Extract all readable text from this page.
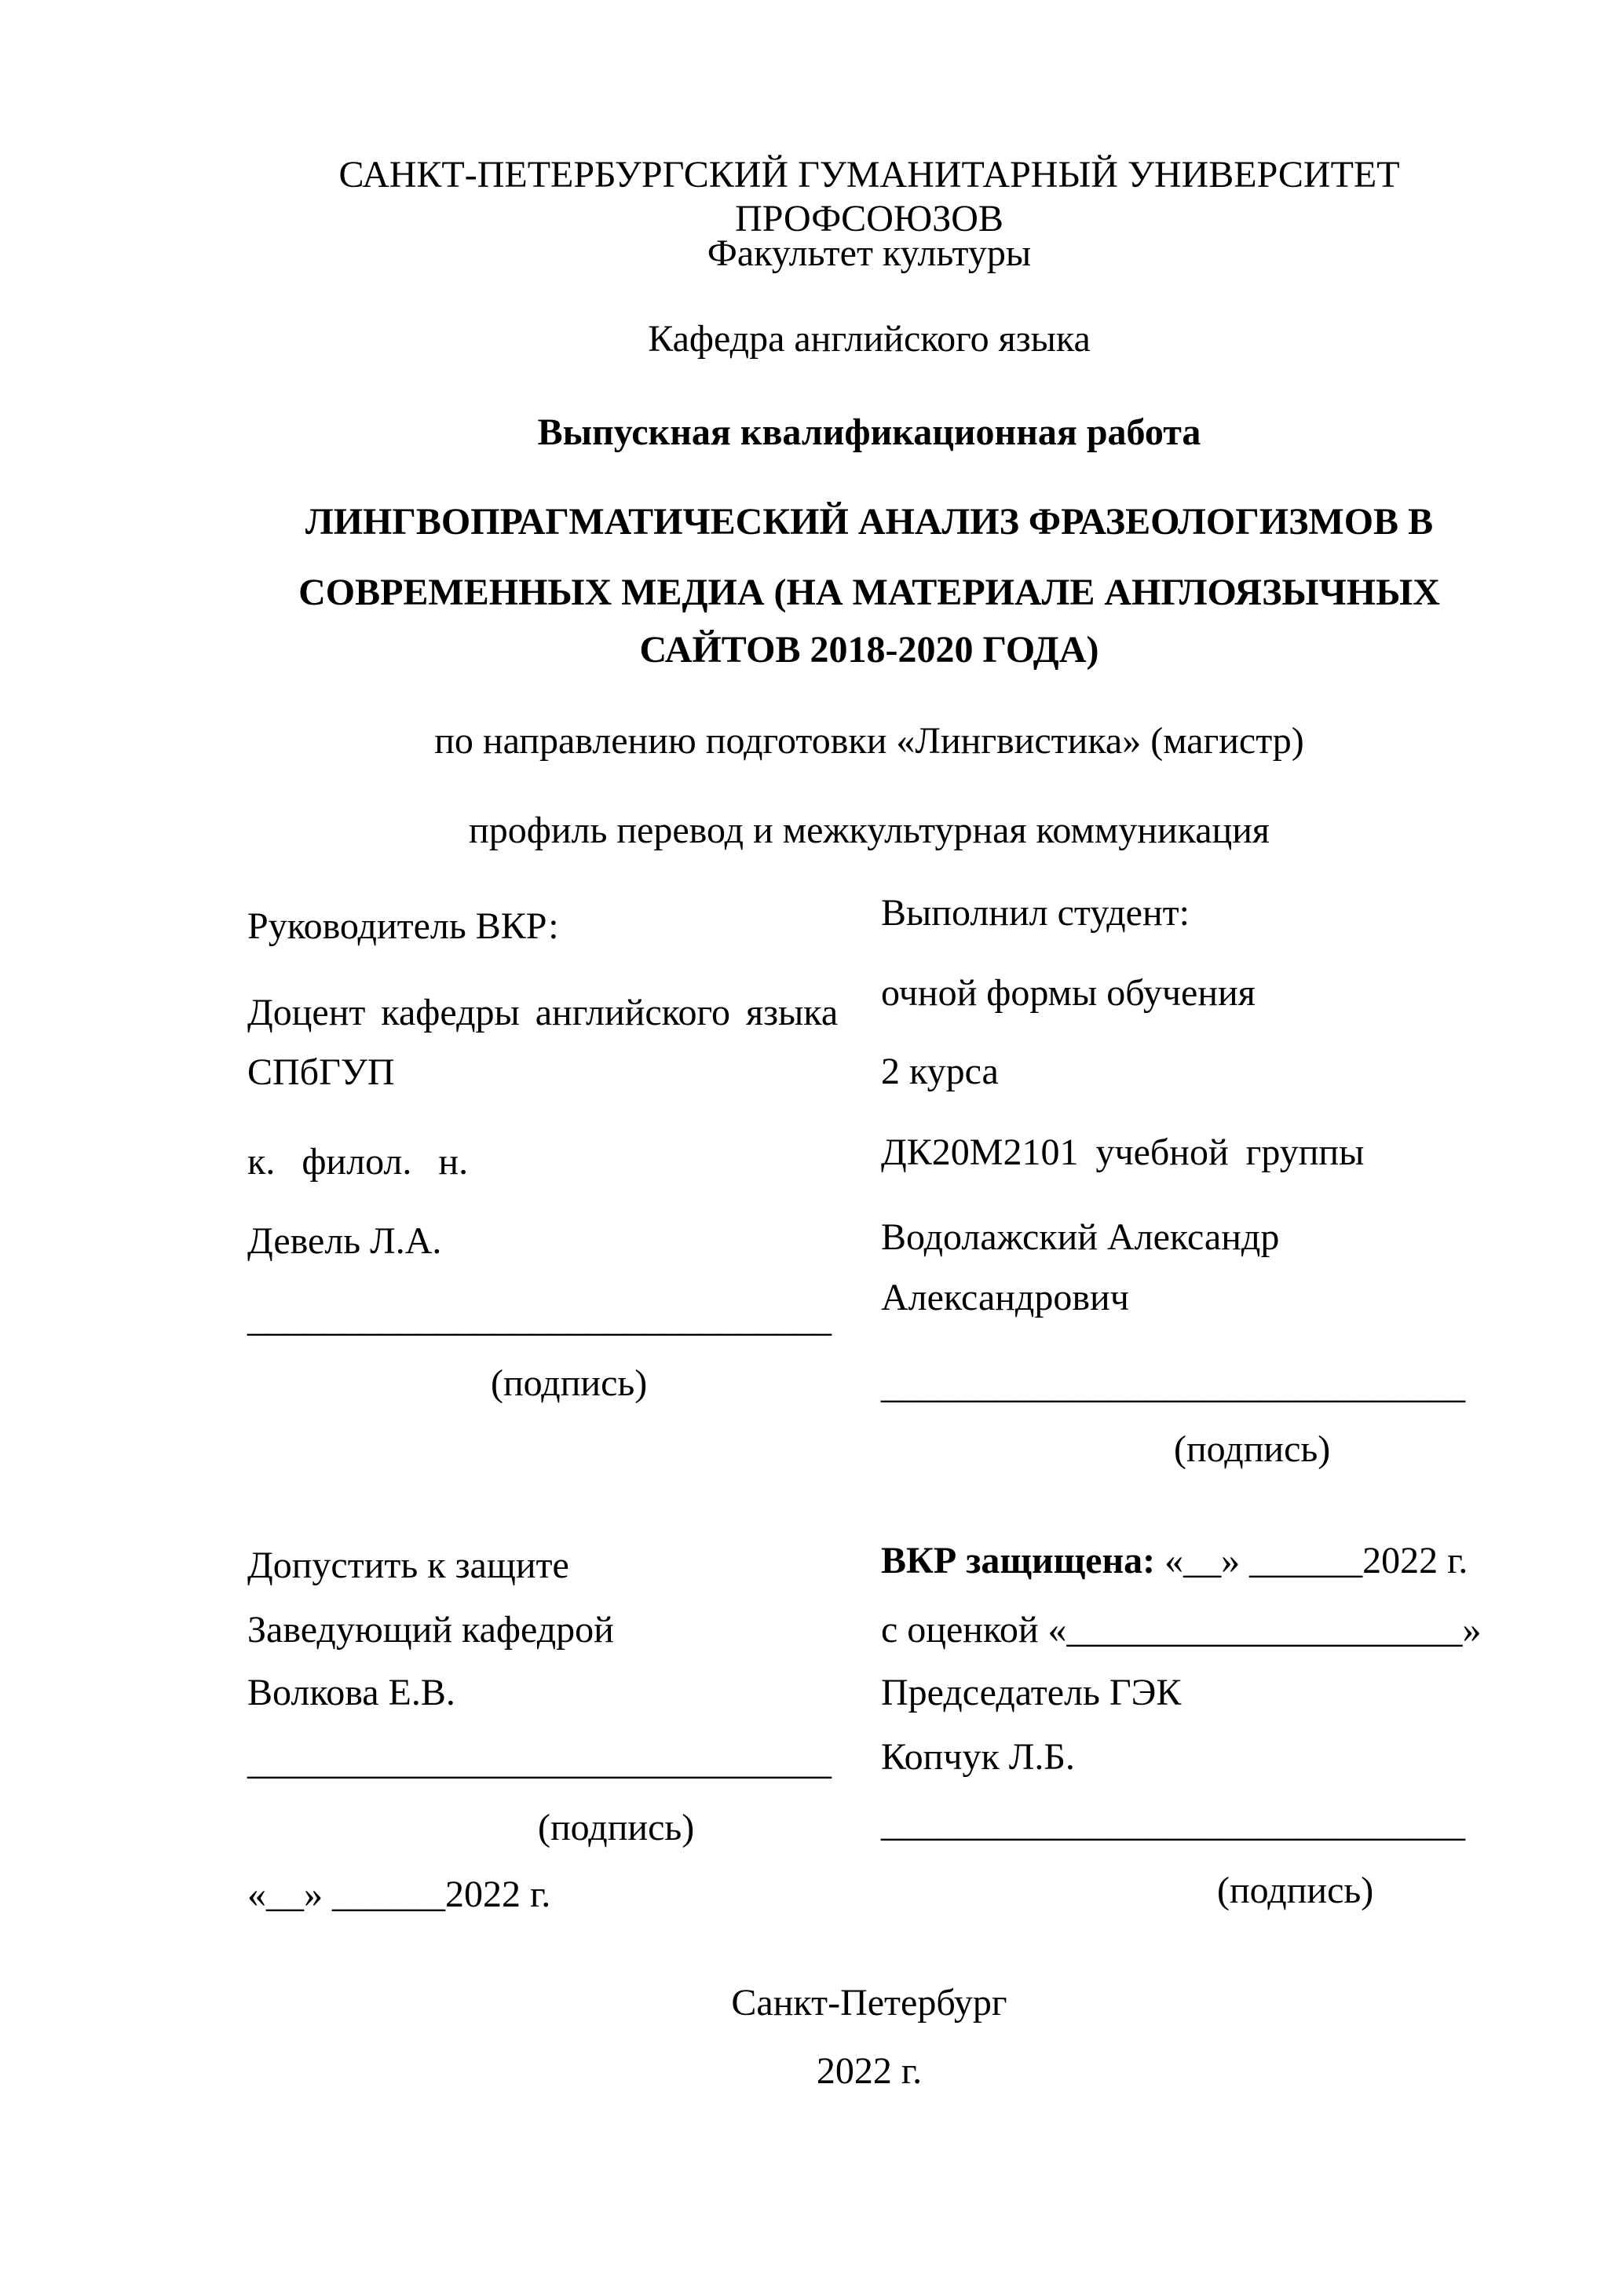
САНКТ-ПЕТЕРБУРГСКИЙ ГУМАНИТАРНЫЙ УНИВЕРСИТЕТ ПРОФСОЮЗОВ
Факультет культуры
Кафедра английского языка
Выпускная квалификационная работа
ЛИНГВОПРАГМАТИЧЕСКИЙ АНАЛИЗ ФРАЗЕОЛОГИЗМОВ В
СОВРЕМЕННЫХ МЕДИА (НА МАТЕРИАЛЕ АНГЛОЯЗЫЧНЫХ
САЙТОВ 2018-2020 ГОДА)
по направлению подготовки «Лингвистика» (магистр)
профиль перевод и межкультурная коммуникация
Руководитель ВКР:
Доцент кафедры английского языка
СПбГУП
к. филол. н.
Девель Л.А.
_______________________________
(подпись)
Выполнил студент:
очной формы обучения
2 курса
ДК20М2101 учебной группы
Водолажский Александр
Александрович
_______________________________
(подпись)
Допустить к защите
Заведующий кафедрой
Волкова Е.В.
_______________________________
(подпись)
«__» ______2022 г.
ВКР защищена: «__» ______2022 г.
с оценкой «_____________________»
Председатель ГЭК
Копчук Л.Б.
_______________________________
(подпись)
Санкт-Петербург
2022 г.
